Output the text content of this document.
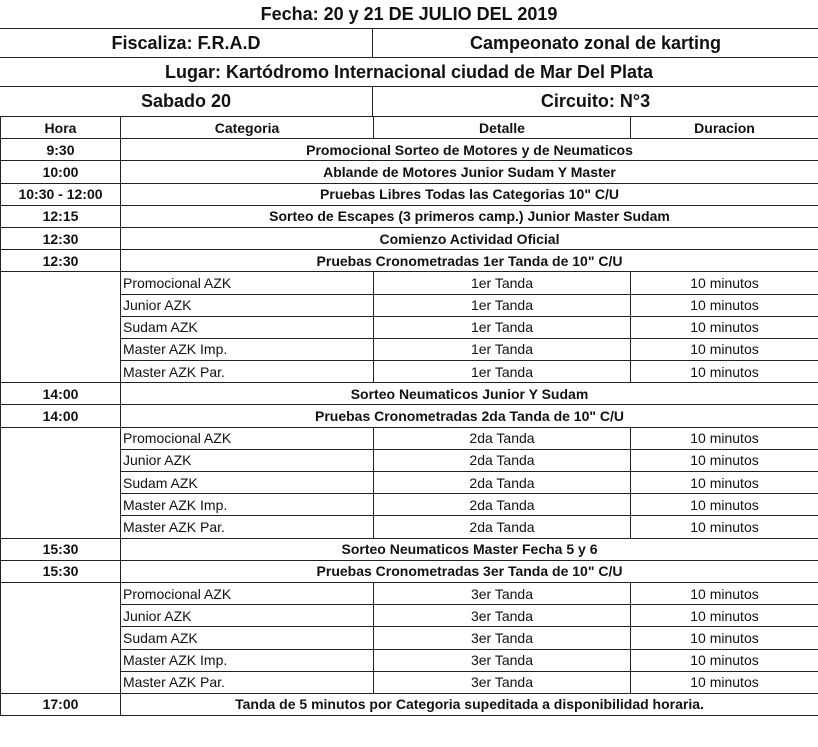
Fecha: 20 y 21 DE JULIO DEL 2019
Fiscaliza: F.R.A.D	Campeonato zonal de karting
Lugar: Kartódromo Internacional ciudad de Mar Del Plata
Sabado 20	Circuito: N°3
Hora	Categoria	Detalle	Duracion
9:30	Promocional Sorteo de Motores y de Neumaticos		
10:00	Ablande de Motores Junior Sudam Y Master		
10:30 - 12:00	Pruebas Libres Todas las Categorias 10" C/U		
12:15	Sorteo de Escapes (3 primeros camp.) Junior Master Sudam		
12:30	Comienzo Actividad Oficial		
12:30	Pruebas Cronometradas 1er Tanda de 10" C/U		
	Promocional AZK	1er Tanda	10 minutos
	Junior AZK	1er Tanda	10 minutos
	Sudam AZK	1er Tanda	10 minutos
	Master AZK Imp.	1er Tanda	10 minutos
	Master AZK Par.	1er Tanda	10 minutos
14:00	Sorteo Neumaticos Junior Y Sudam		
14:00	Pruebas Cronometradas 2da Tanda de 10" C/U		
	Promocional AZK	2da Tanda	10 minutos
	Junior AZK	2da Tanda	10 minutos
	Sudam AZK	2da Tanda	10 minutos
	Master AZK Imp.	2da Tanda	10 minutos
	Master AZK Par.	2da Tanda	10 minutos
15:30	Sorteo Neumaticos Master Fecha 5 y 6		
15:30	Pruebas Cronometradas 3er Tanda de 10" C/U		
	Promocional AZK	3er Tanda	10 minutos
	Junior AZK	3er Tanda	10 minutos
	Sudam AZK	3er Tanda	10 minutos
	Master AZK Imp.	3er Tanda	10 minutos
	Master AZK Par.	3er Tanda	10 minutos
17:00	Tanda de 5 minutos por Categoria supeditada a disponibilidad horaria.		
